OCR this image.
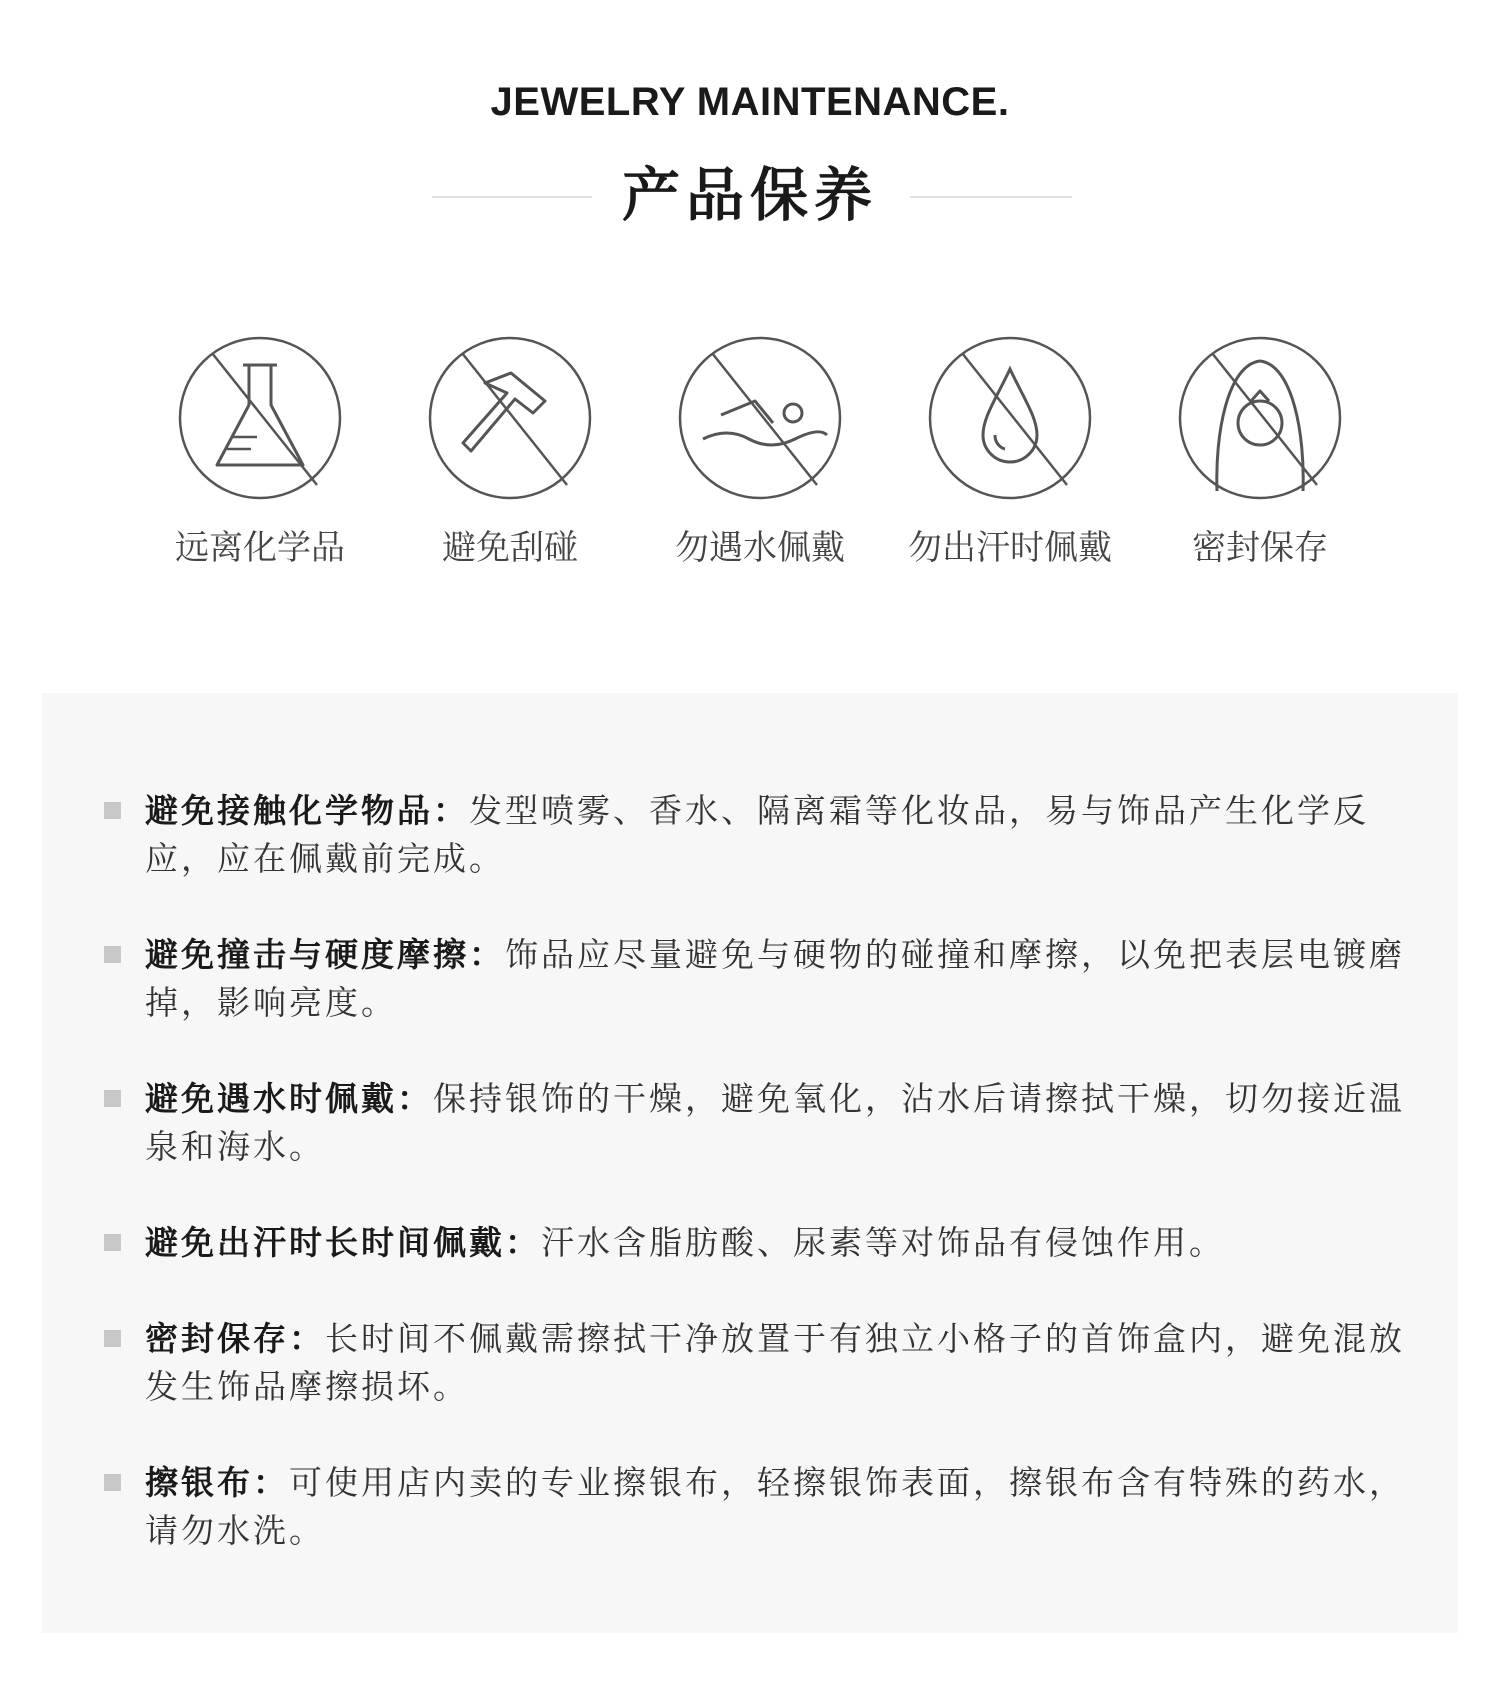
JEWELRY MAINTENANCE.
产品保养
远离化学品	避免刮碰	勿遇水佩戴	勿出汗时佩戴	密封保存
避免接触化学物品：发型喷雾、香水、隔离霜等化妆品，易与饰品产生化学反应，应在佩戴前完成。
避免撞击与硬度摩擦：饰品应尽量避免与硬物的碰撞和摩擦，以免把表层电镀磨掉，影响亮度。
避免遇水时佩戴：保持银饰的干燥，避免氧化，沾水后请擦拭干燥，切勿接近温泉和海水。
避免出汗时长时间佩戴：汗水含脂肪酸、尿素等对饰品有侵蚀作用。
密封保存：长时间不佩戴需擦拭干净放置于有独立小格子的首饰盒内，避免混放发生饰品摩擦损坏。
擦银布：可使用店内卖的专业擦银布，轻擦银饰表面，擦银布含有特殊的药水，请勿水洗。
